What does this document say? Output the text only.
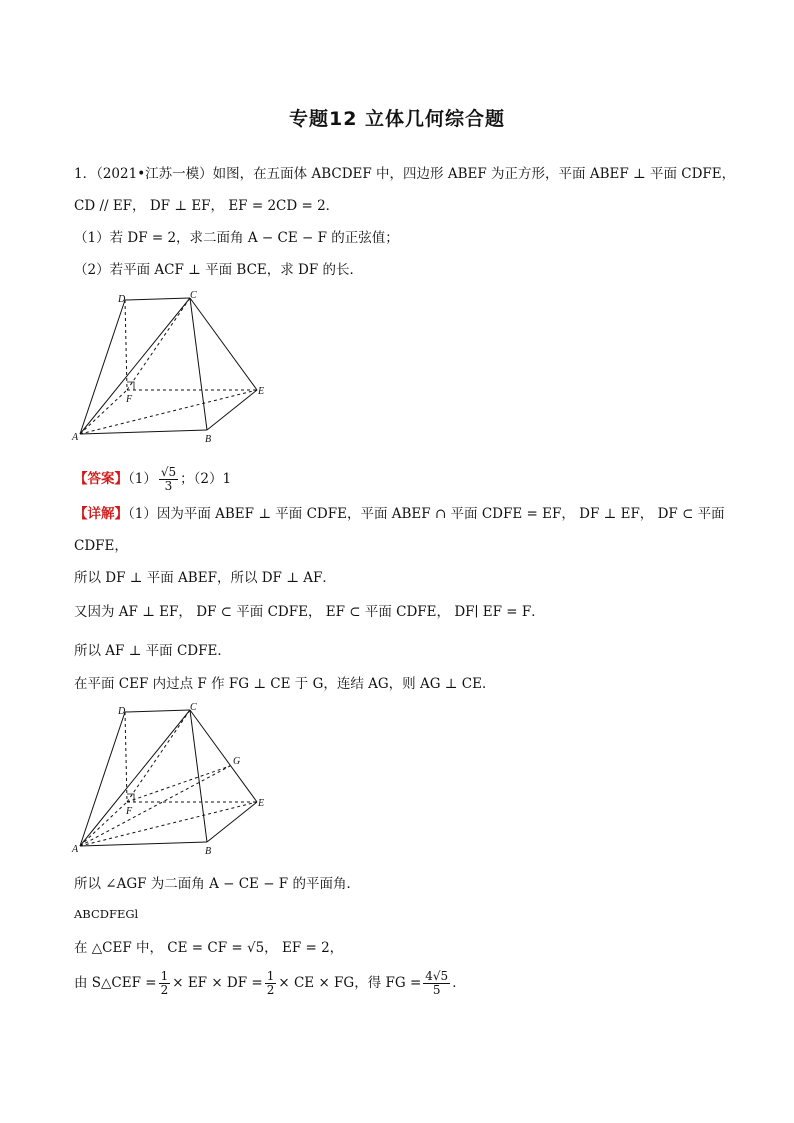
专题12 立体几何综合题
1．（2021•江苏一模）如图，在五面体 ABCDEF 中，四边形 ABEF 为正方形，平面 ABEF ⊥ 平面 CDFE，
CD // EF， DF ⊥ EF， EF = 2CD = 2．
（1）若 DF = 2，求二面角 A − CE − F 的正弦值；
（2）若平面 ACF ⊥ 平面 BCE，求 DF 的长．
D	C
E
F
A	B
【答案】$(1) \frac{√5}{3}$ ；（2）1
【详解】（1）因为平面 ABEF ⊥ 平面 CDFE，平面 ABEF ∩ 平面 CDFE = EF， DF ⊥ EF， DF ⊂ 平面
CDFE，
所以 DF ⊥ 平面 ABEF，所以 DF ⊥ AF．
又因为 AF ⊥ EF， DF ⊂ 平面 CDFE， EF ⊂ 平面 CDFE， DF∣ EF = F．
所以 AF ⊥ 平面 CDFE．
在平面 CEF 内过点 F 作 FG ⊥ CE 于 G，连结 AG，则 AG ⊥ CE．
D	C
G
E
F
A	B
所以 ∠AGF 为二面角 A − CE − F 的平面角．
ABCDFEGl
在 △CEF 中， CE = CF = √5， EF = 2，
由 S△CEF = $\frac{1}{2}$ × EF × DF = $\frac{1}{2}$ × CE × FG，得 FG = $\frac{4√5}{5}$ ．
